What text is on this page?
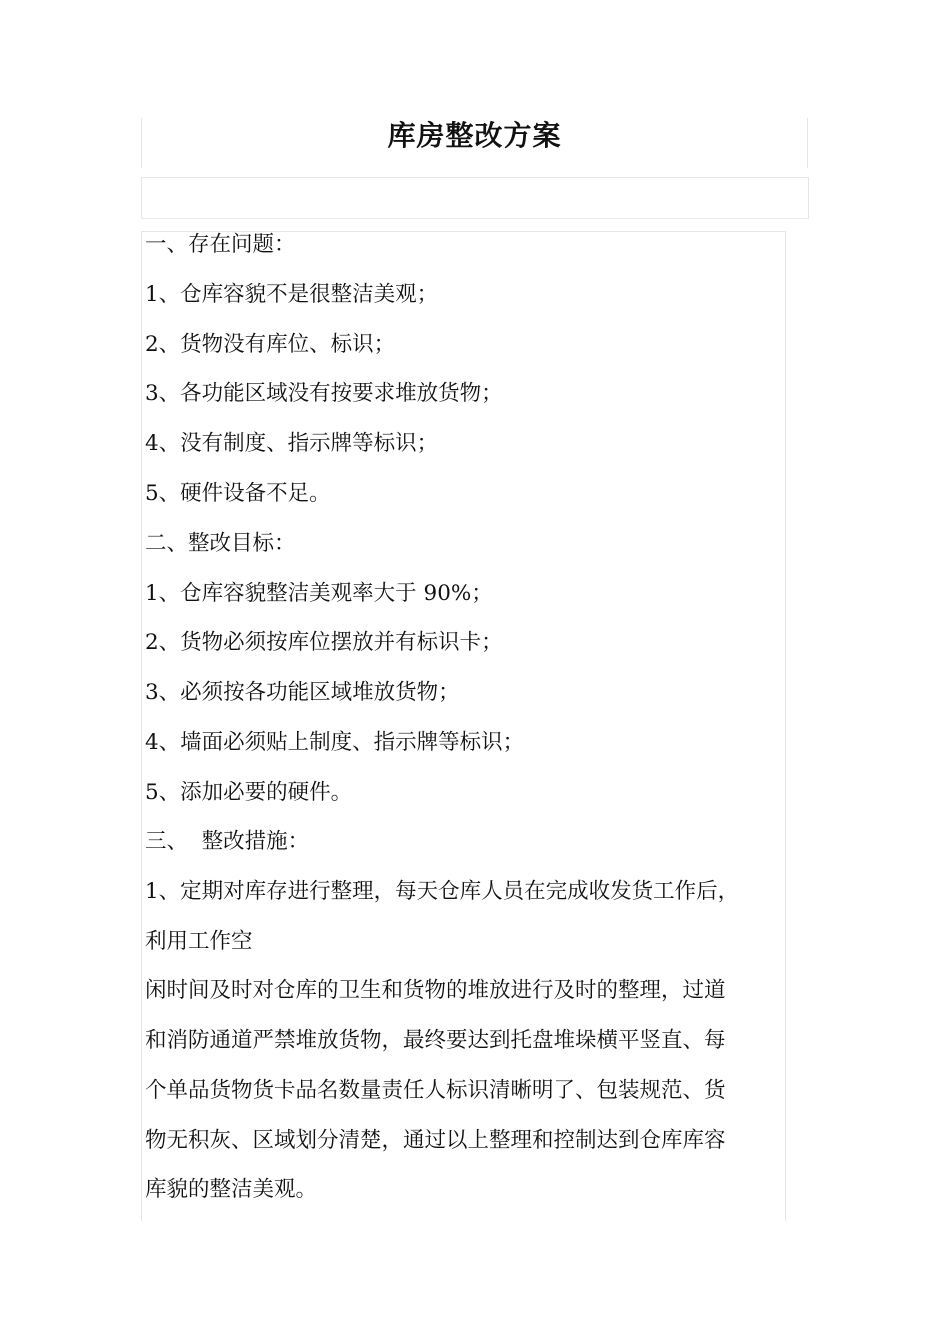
库房整改方案

一、存在问题：

1、仓库容貌不是很整洁美观；

2、货物没有库位、标识；

3、各功能区域没有按要求堆放货物；

4、没有制度、指示牌等标识；

5、硬件设备不足。

二、整改目标：

1、仓库容貌整洁美观率大于 90%；

2、货物必须按库位摆放并有标识卡；

3、必须按各功能区域堆放货物；

4、墙面必须贴上制度、指示牌等标识；

5、添加必要的硬件。

三、  整改措施：

1、定期对库存进行整理，每天仓库人员在完成收发货工作后，

利用工作空

闲时间及时对仓库的卫生和货物的堆放进行及时的整理，过道

和消防通道严禁堆放货物，最终要达到托盘堆垛横平竖直、每

个单品货物货卡品名数量责任人标识清晰明了、包装规范、货

物无积灰、区域划分清楚，通过以上整理和控制达到仓库库容

库貌的整洁美观。
